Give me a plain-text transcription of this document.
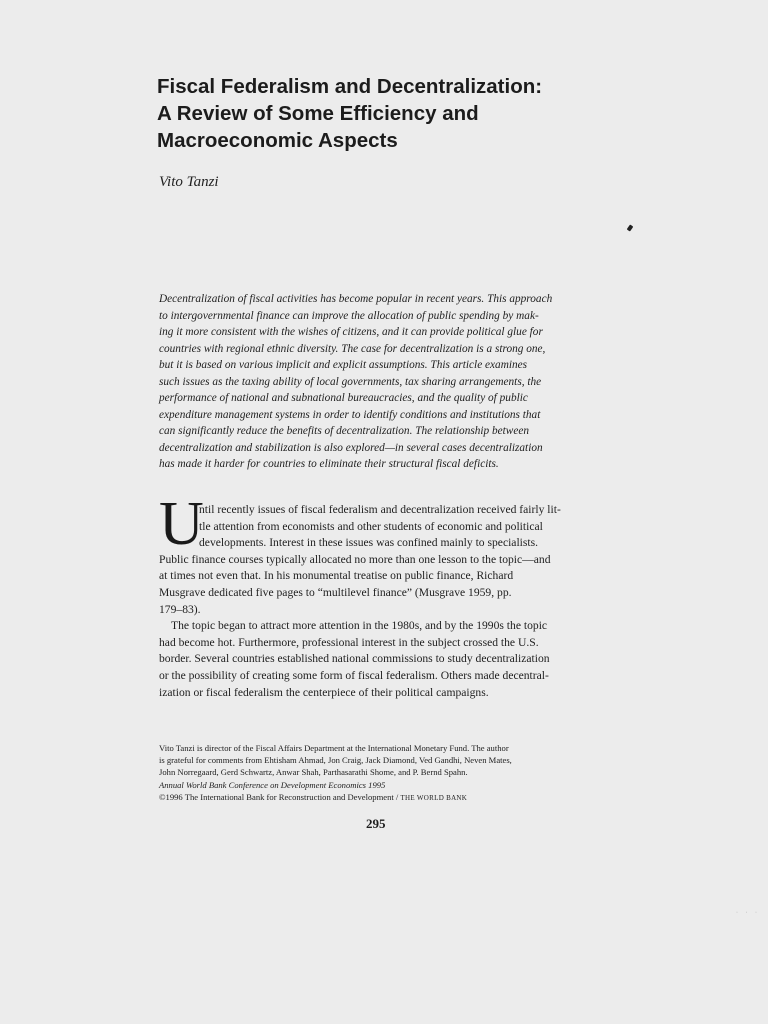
Fiscal Federalism and Decentralization:
A Review of Some Efficiency and
Macroeconomic Aspects
Vito Tanzi
Decentralization of fiscal activities has become popular in recent years. This approach
to intergovernmental finance can improve the allocation of public spending by mak-
ing it more consistent with the wishes of citizens, and it can provide political glue for
countries with regional ethnic diversity. The case for decentralization is a strong one,
but it is based on various implicit and explicit assumptions. This article examines
such issues as the taxing ability of local governments, tax sharing arrangements, the
performance of national and subnational bureaucracies, and the quality of public
expenditure management systems in order to identify conditions and institutions that
can significantly reduce the benefits of decentralization. The relationship between
decentralization and stabilization is also explored—in several cases decentralization
has made it harder for countries to eliminate their structural fiscal deficits.
U
ntil recently issues of fiscal federalism and decentralization received fairly lit-
tle attention from economists and other students of economic and political
developments. Interest in these issues was confined mainly to specialists.
Public finance courses typically allocated no more than one lesson to the topic—and
at times not even that. In his monumental treatise on public finance, Richard
Musgrave dedicated five pages to “multilevel finance” (Musgrave 1959, pp.
179–83).
The topic began to attract more attention in the 1980s, and by the 1990s the topic
had become hot. Furthermore, professional interest in the subject crossed the U.S.
border. Several countries established national commissions to study decentralization
or the possibility of creating some form of fiscal federalism. Others made decentral-
ization or fiscal federalism the centerpiece of their political campaigns.
Vito Tanzi is director of the Fiscal Affairs Department at the International Monetary Fund. The author
is grateful for comments from Ehtisham Ahmad, Jon Craig, Jack Diamond, Ved Gandhi, Neven Mates,
John Norregaard, Gerd Schwartz, Anwar Shah, Parthasarathi Shome, and P. Bernd Spahn.
Annual World Bank Conference on Development Economics 1995
©1996 The International Bank for Reconstruction and Development / THE WORLD BANK
295
· · ·
